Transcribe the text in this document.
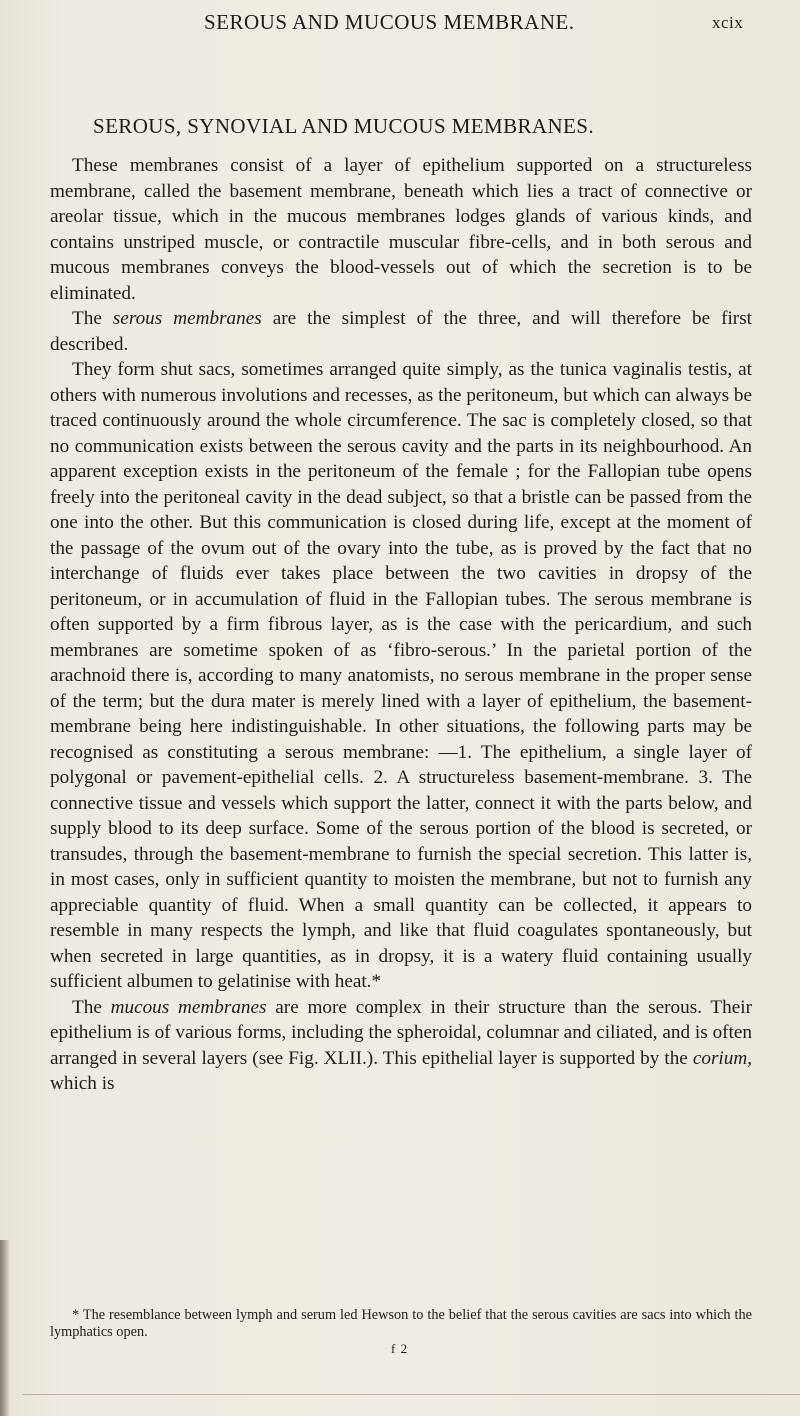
SEROUS AND MUCOUS MEMBRANE.	xcix
SEROUS, SYNOVIAL AND MUCOUS MEMBRANES.

These membranes consist of a layer of epithelium supported on a structureless membrane, called the basement membrane, beneath which lies a tract of connective or areolar tissue, which in the mucous membranes lodges glands of various kinds, and contains unstriped muscle, or contractile muscular fibre-cells, and in both serous and mucous membranes conveys the blood-vessels out of which the secretion is to be eliminated.

The serous membranes are the simplest of the three, and will therefore be first described.

They form shut sacs, sometimes arranged quite simply, as the tunica vaginalis testis, at others with numerous involutions and recesses, as the peritoneum, but which can always be traced continuously around the whole circumference. The sac is completely closed, so that no communication exists between the serous cavity and the parts in its neighbourhood. An apparent exception exists in the peritoneum of the female ; for the Fallopian tube opens freely into the peritoneal cavity in the dead subject, so that a bristle can be passed from the one into the other. But this communication is closed during life, except at the moment of the passage of the ovum out of the ovary into the tube, as is proved by the fact that no interchange of fluids ever takes place between the two cavities in dropsy of the peritoneum, or in accumulation of fluid in the Fallopian tubes. The serous membrane is often supported by a firm fibrous layer, as is the case with the pericardium, and such membranes are sometime spoken of as ‘fibro-serous.’ In the parietal portion of the arachnoid there is, according to many anatomists, no serous membrane in the proper sense of the term; but the dura mater is merely lined with a layer of epithelium, the basement-membrane being here indistinguishable. In other situations, the following parts may be recognised as constituting a serous membrane: —1. The epithelium, a single layer of polygonal or pavement-epithelial cells. 2. A structureless basement-membrane. 3. The connective tissue and vessels which support the latter, connect it with the parts below, and supply blood to its deep surface. Some of the serous portion of the blood is secreted, or transudes, through the basement-membrane to furnish the special secretion. This latter is, in most cases, only in sufficient quantity to moisten the membrane, but not to furnish any appreciable quantity of fluid. When a small quantity can be collected, it appears to resemble in many respects the lymph, and like that fluid coagulates spontaneously, but when secreted in large quantities, as in dropsy, it is a watery fluid containing usually sufficient albumen to gelatinise with heat.*

The mucous membranes are more complex in their structure than the serous. Their epithelium is of various forms, including the spheroidal, columnar and ciliated, and is often arranged in several layers (see Fig. XLII.). This epithelial layer is supported by the corium, which is

* The resemblance between lymph and serum led Hewson to the belief that the serous cavities are sacs into which the lymphatics open.

f 2
